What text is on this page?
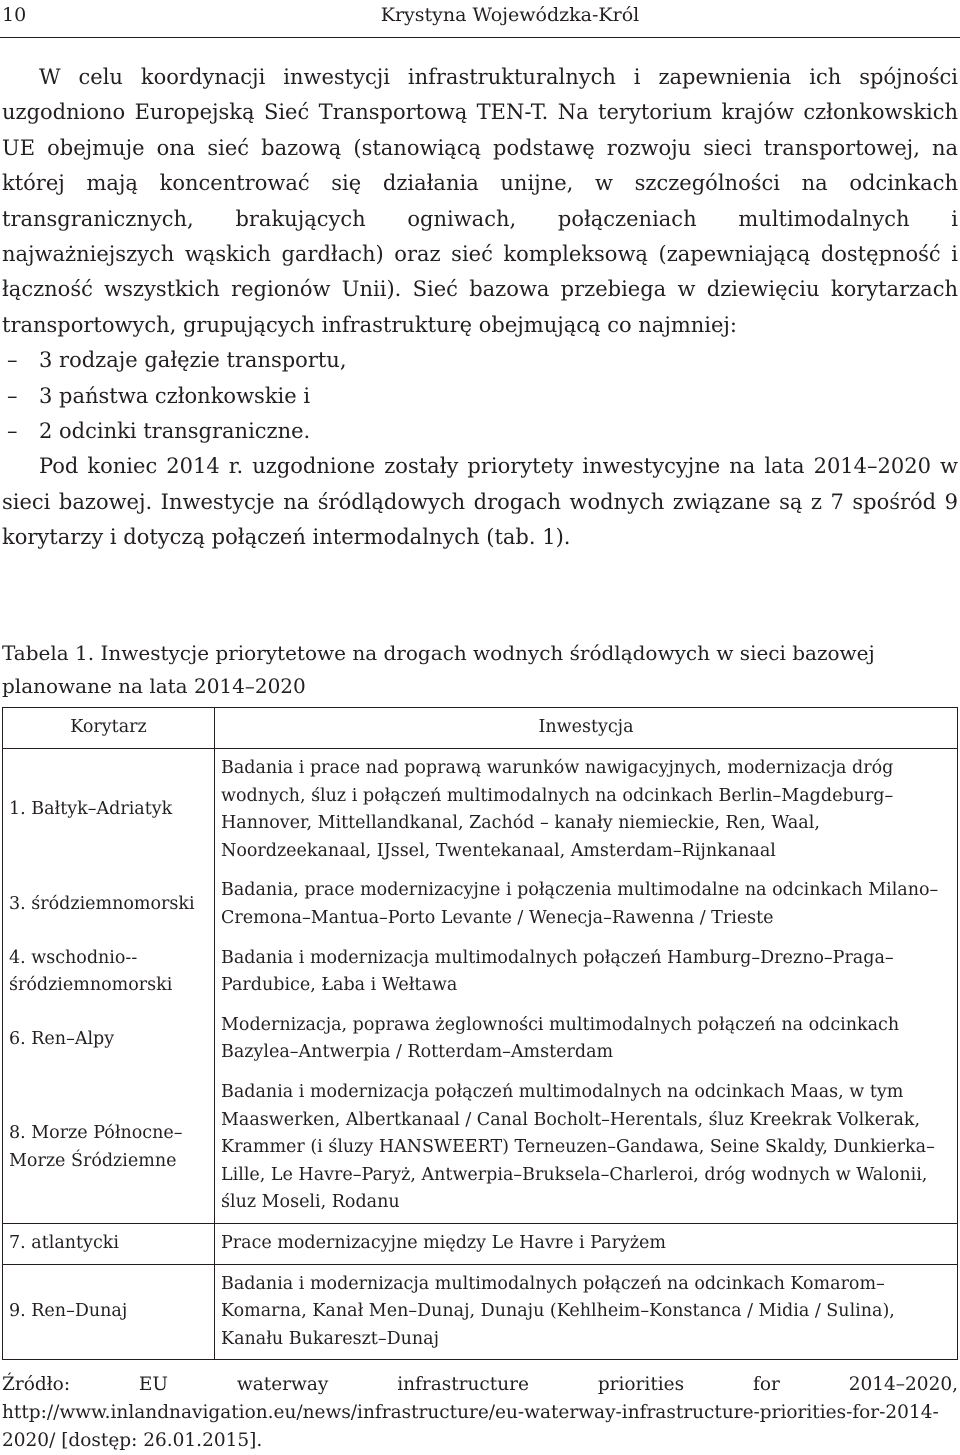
10	Krystyna Wojewódzka-Król

W celu koordynacji inwestycji infrastrukturalnych i zapewnienia ich spójności uzgodniono Europejską Sieć Transportową TEN-T. Na terytorium krajów członkowskich UE obejmuje ona sieć bazową (stanowiącą podstawę rozwoju sieci transportowej, na której mają koncentrować się działania unijne, w szczególności na odcinkach transgranicznych, brakujących ogniwach, połączeniach multimodalnych i najważniejszych wąskich gardłach) oraz sieć kompleksową (zapewniającą dostępność i łączność wszystkich regionów Unii). Sieć bazowa przebiega w dziewięciu korytarzach transportowych, grupujących infrastrukturę obejmującą co najmniej:

– 3 rodzaje gałęzie transportu,
– 3 państwa członkowskie i
– 2 odcinki transgraniczne.

Pod koniec 2014 r. uzgodnione zostały priorytety inwestycyjne na lata 2014–2020 w sieci bazowej. Inwestycje na śródlądowych drogach wodnych związane są z 7 spośród 9 korytarzy i dotyczą połączeń intermodalnych (tab. 1).

Tabela 1. Inwestycje priorytetowe na drogach wodnych śródlądowych w sieci bazowej planowane na lata 2014–2020
Korytarz	Inwestycja
1. Bałtyk–Adriatyk	Badania i prace nad poprawą warunków nawigacyjnych, modernizacja dróg wodnych, śluz i połączeń multimodalnych na odcinkach Berlin–Magdeburg–Hannover, Mittellandkanal, Zachód – kanały niemieckie, Ren, Waal, Noordzeekanaal, IJssel, Twentekanaal, Amsterdam–Rijnkanaal
3. śródziemnomorski	Badania, prace modernizacyjne i połączenia multimodalne na odcinkach Milano–Cremona–Mantua–Porto Levante / Wenecja–Rawenna / Trieste
4. wschodnio--śródziemnomorski	Badania i modernizacja multimodalnych połączeń Hamburg–Drezno–Praga–Pardubice, Łaba i Wełtawa
6. Ren–Alpy	Modernizacja, poprawa żeglowności multimodalnych połączeń na odcinkach Bazylea–Antwerpia / Rotterdam–Amsterdam
8. Morze Północne–Morze Śródziemne	Badania i modernizacja połączeń multimodalnych na odcinkach Maas, w tym Maaswerken, Albertkanaal / Canal Bocholt–Herentals, śluz Kreekrak Volkerak, Krammer (i śluzy HANSWEERT) Terneuzen–Gandawa, Seine Skaldy, Dunkierka–Lille, Le Havre–Paryż, Antwerpia–Bruksela–Charleroi, dróg wodnych w Walonii, śluz Moseli, Rodanu
7. atlantycki	Prace modernizacyjne między Le Havre i Paryżem
9. Ren–Dunaj	Badania i modernizacja multimodalnych połączeń na odcinkach Komarom–Komarna, Kanał Men–Dunaj, Dunaju (Kehlheim–Konstanca / Midia / Sulina), Kanału Bukareszt–Dunaj
Źródło: EU waterway infrastructure priorities for 2014–2020, http://www.inlandnavigation.eu/news/infrastructure/eu-waterway-infrastructure-priorities-for-2014-2020/ [dostęp: 26.01.2015].
